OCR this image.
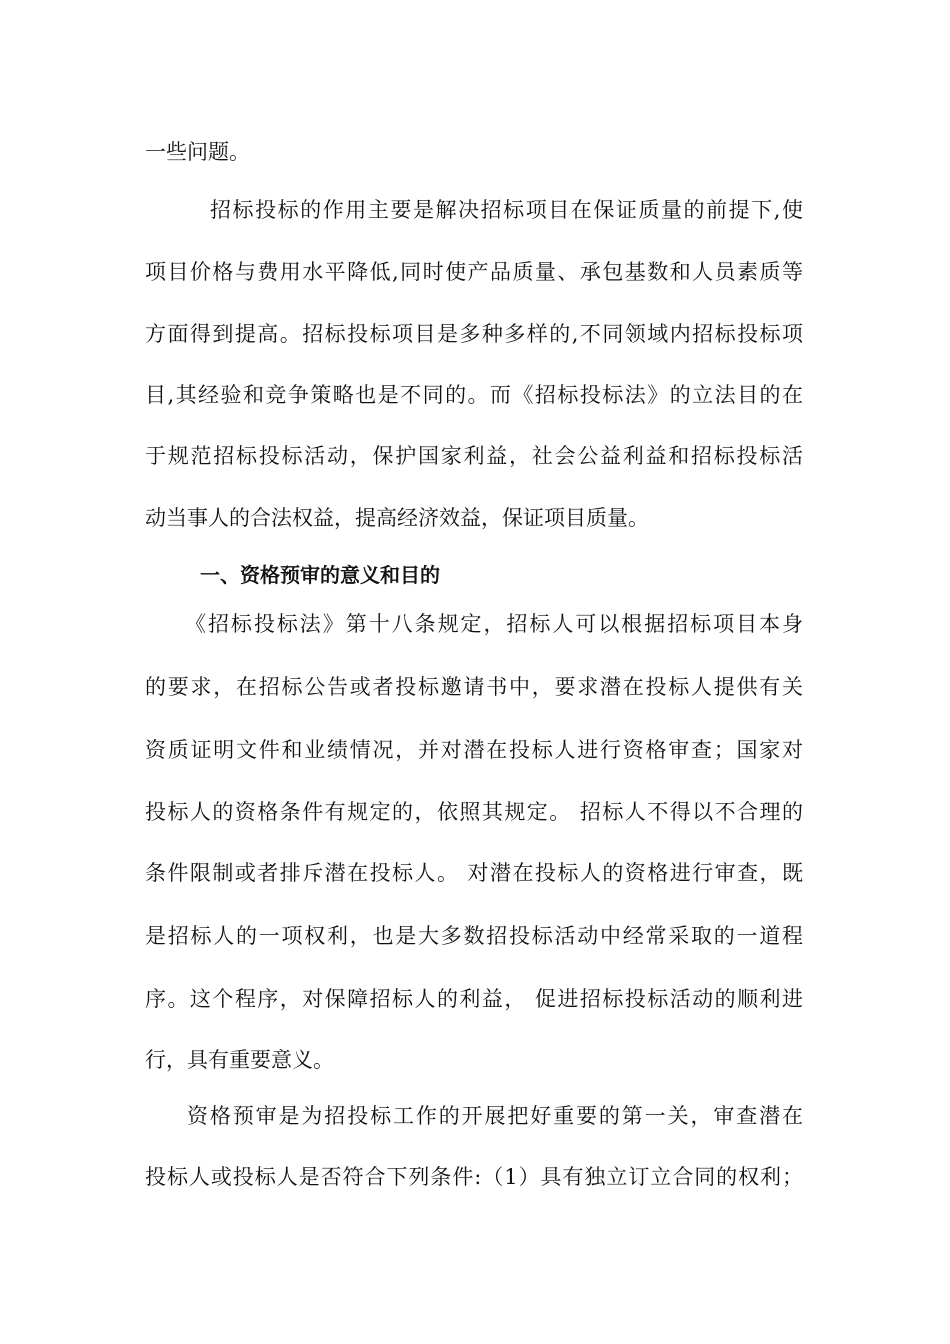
一些问题。

招标投标的作用主要是解决招标项目在保证质量的前提下,使

项目价格与费用水平降低,同时使产品质量、承包基数和人员素质等

方面得到提高。招标投标项目是多种多样的,不同领域内招标投标项

目,其经验和竞争策略也是不同的。而《招标投标法》的立法目的在

于规范招标投标活动，保护国家利益，社会公益利益和招标投标活

动当事人的合法权益，提高经济效益，保证项目质量。

一、资格预审的意义和目的

《招标投标法》第十八条规定，招标人可以根据招标项目本身

的要求，在招标公告或者投标邀请书中，要求潜在投标人提供有关

资质证明文件和业绩情况，并对潜在投标人进行资格审查；国家对

投标人的资格条件有规定的，依照其规定。 招标人不得以不合理的

条件限制或者排斥潜在投标人。 对潜在投标人的资格进行审查，既

是招标人的一项权利，也是大多数招投标活动中经常采取的一道程

序。这个程序，对保障招标人的利益， 促进招标投标活动的顺利进

行，具有重要意义。

资格预审是为招投标工作的开展把好重要的第一关，审查潜在

投标人或投标人是否符合下列条件:（1）具有独立订立合同的权利；
